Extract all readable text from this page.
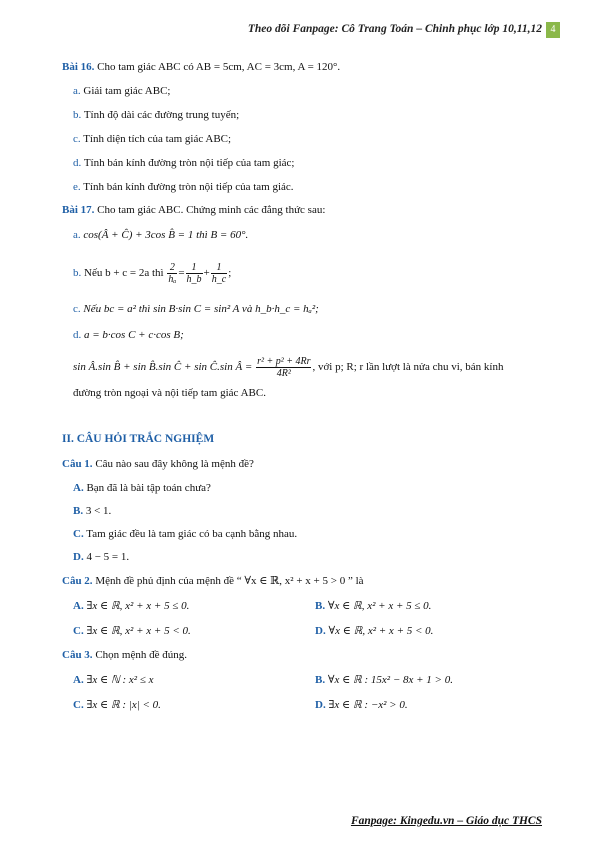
Theo dõi Fanpage: Cô Trang Toán – Chinh phục lớp 10,11,12 4
Bài 16. Cho tam giác ABC có AB = 5cm, AC = 3cm, A = 120°.
a. Giải tam giác ABC;
b. Tính độ dài các đường trung tuyến;
c. Tính diện tích của tam giác ABC;
d. Tính bán kính đường tròn nội tiếp của tam giác;
e. Tính bán kính đường tròn nội tiếp của tam giác.
Bài 17. Cho tam giác ABC. Chứng minh các đẳng thức sau:
a. cos(Â + Ĉ) + 3cos B̂ = 1 thì B = 60°.
b. Nếu b + c = 2a thì $\frac{2}{\text{hₐ}} = \frac{1}{h\_b} + \frac{1}{h\_c}$ ;
c. Nếu bc = a² thì sin B·sin C = sin² A và h_b·h_c = hₐ²;
d. a = b·cos C + c·cos B;
sin Â.sin B̂ + sin B̂.sin Ĉ + sin Ĉ.sin Â = $\frac{\text{r² + p² + 4Rr}}{\text{4R²}}$ , với p; R; r lần lượt là nửa chu vi, bán kính
đường tròn ngoại và nội tiếp tam giác ABC.
II. CÂU HỎI TRẮC NGHIỆM
Câu 1. Câu nào sau đây không là mệnh đề?
A. Bạn đã là bài tập toán chưa?
B. 3 < 1.
C. Tam giác đều là tam giác có ba cạnh bằng nhau.
D. 4 − 5 = 1.
Câu 2. Mệnh đề phủ định của mệnh đề “ ∀x ∈ ℝ, x² + x + 5 > 0 ” là
A. ∃x ∈ ℝ, x² + x + 5 ≤ 0.	B. ∀x ∈ ℝ, x² + x + 5 ≤ 0.
C. ∃x ∈ ℝ, x² + x + 5 < 0.	D. ∀x ∈ ℝ, x² + x + 5 < 0.
Câu 3. Chọn mệnh đề đúng.
A. ∃x ∈ ℕ : x² ≤ x	B. ∀x ∈ ℝ : 15x² − 8x + 1 > 0.
C. ∃x ∈ ℝ : |x| < 0.	D. ∃x ∈ ℝ : −x² > 0.
Fanpage: Kingedu.vn – Giáo dục THCS
